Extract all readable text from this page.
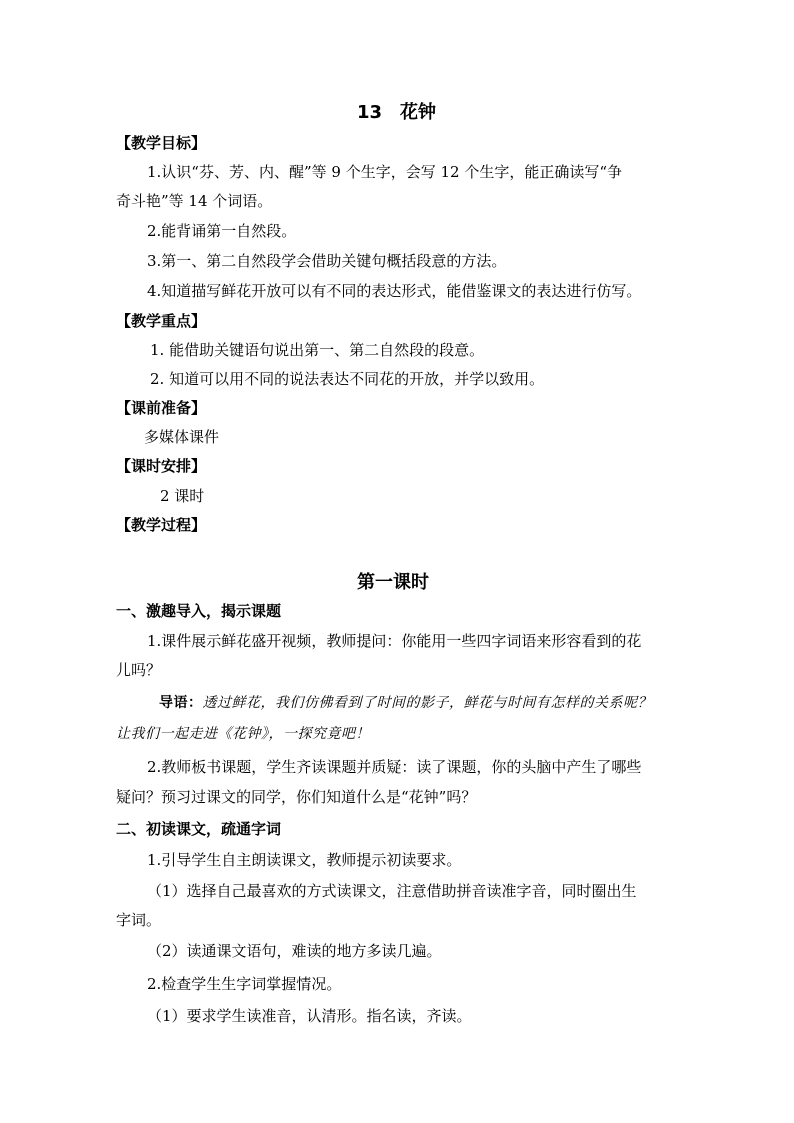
13　花钟
【教学目标】
1.认识“芬、芳、内、醒”等 9 个生字，会写 12 个生字，能正确读写“争
奇斗艳”等 14 个词语。
2.能背诵第一自然段。
3.第一、第二自然段学会借助关键句概括段意的方法。
4.知道描写鲜花开放可以有不同的表达形式，能借鉴课文的表达进行仿写。
【教学重点】
1. 能借助关键语句说出第一、第二自然段的段意。
2. 知道可以用不同的说法表达不同花的开放，并学以致用。
【课前准备】
多媒体课件
【课时安排】
2 课时
【教学过程】
第一课时
一、激趣导入，揭示课题
1.课件展示鲜花盛开视频，教师提问：你能用一些四字词语来形容看到的花
儿吗？
导语：透过鲜花，我们仿佛看到了时间的影子，鲜花与时间有怎样的关系呢？
让我们一起走进《花钟》，一探究竟吧！
2.教师板书课题，学生齐读课题并质疑：读了课题，你的头脑中产生了哪些
疑问？预习过课文的同学，你们知道什么是“花钟”吗？
二、初读课文，疏通字词
1.引导学生自主朗读课文，教师提示初读要求。
（1）选择自己最喜欢的方式读课文，注意借助拼音读准字音，同时圈出生
字词。
（2）读通课文语句，难读的地方多读几遍。
2.检查学生生字词掌握情况。
（1）要求学生读准音，认清形。指名读，齐读。
